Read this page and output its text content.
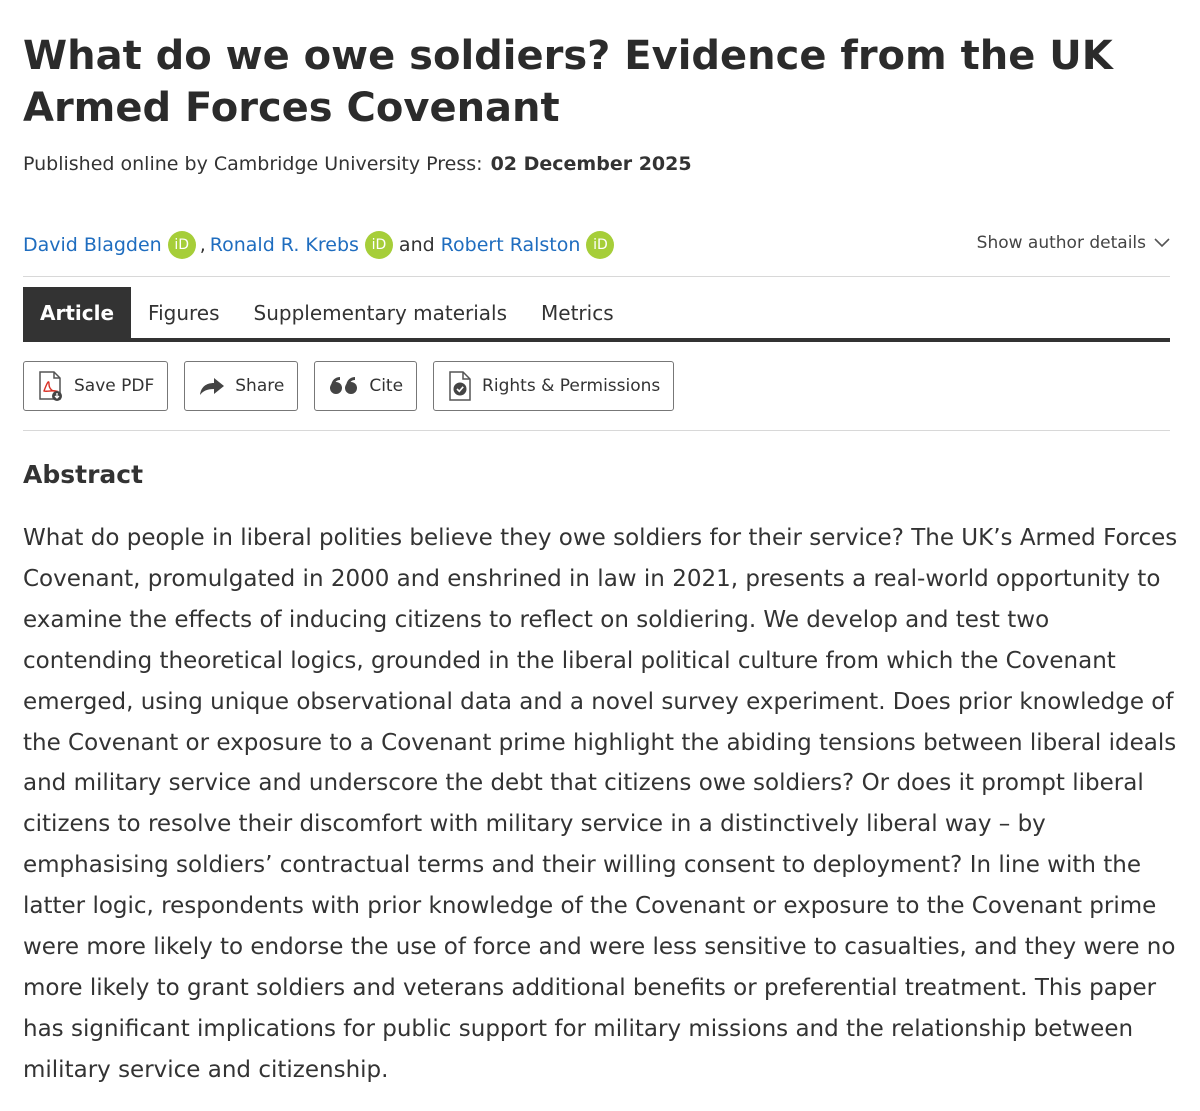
What do we owe soldiers? Evidence from the UK Armed Forces Covenant
Published online by Cambridge University Press: 02 December 2025
David Blagden iD , Ronald R. Krebs iD and Robert Ralston iD	Show author details
Article	Figures	Supplementary materials	Metrics
Save PDF	Share	Cite	Rights & Permissions
Abstract

What do people in liberal polities believe they owe soldiers for their service? The UK’s Armed Forces Covenant, promulgated in 2000 and enshrined in law in 2021, presents a real-world opportunity to examine the effects of inducing citizens to reflect on soldiering. We develop and test two contending theoretical logics, grounded in the liberal political culture from which the Covenant emerged, using unique observational data and a novel survey experiment. Does prior knowledge of the Covenant or exposure to a Covenant prime highlight the abiding tensions between liberal ideals and military service and underscore the debt that citizens owe soldiers? Or does it prompt liberal citizens to resolve their discomfort with military service in a distinctively liberal way – by emphasising soldiers’ contractual terms and their willing consent to deployment? In line with the latter logic, respondents with prior knowledge of the Covenant or exposure to the Covenant prime were more likely to endorse the use of force and were less sensitive to casualties, and they were no more likely to grant soldiers and veterans additional benefits or preferential treatment. This paper has significant implications for public support for military missions and the relationship between military service and citizenship.
